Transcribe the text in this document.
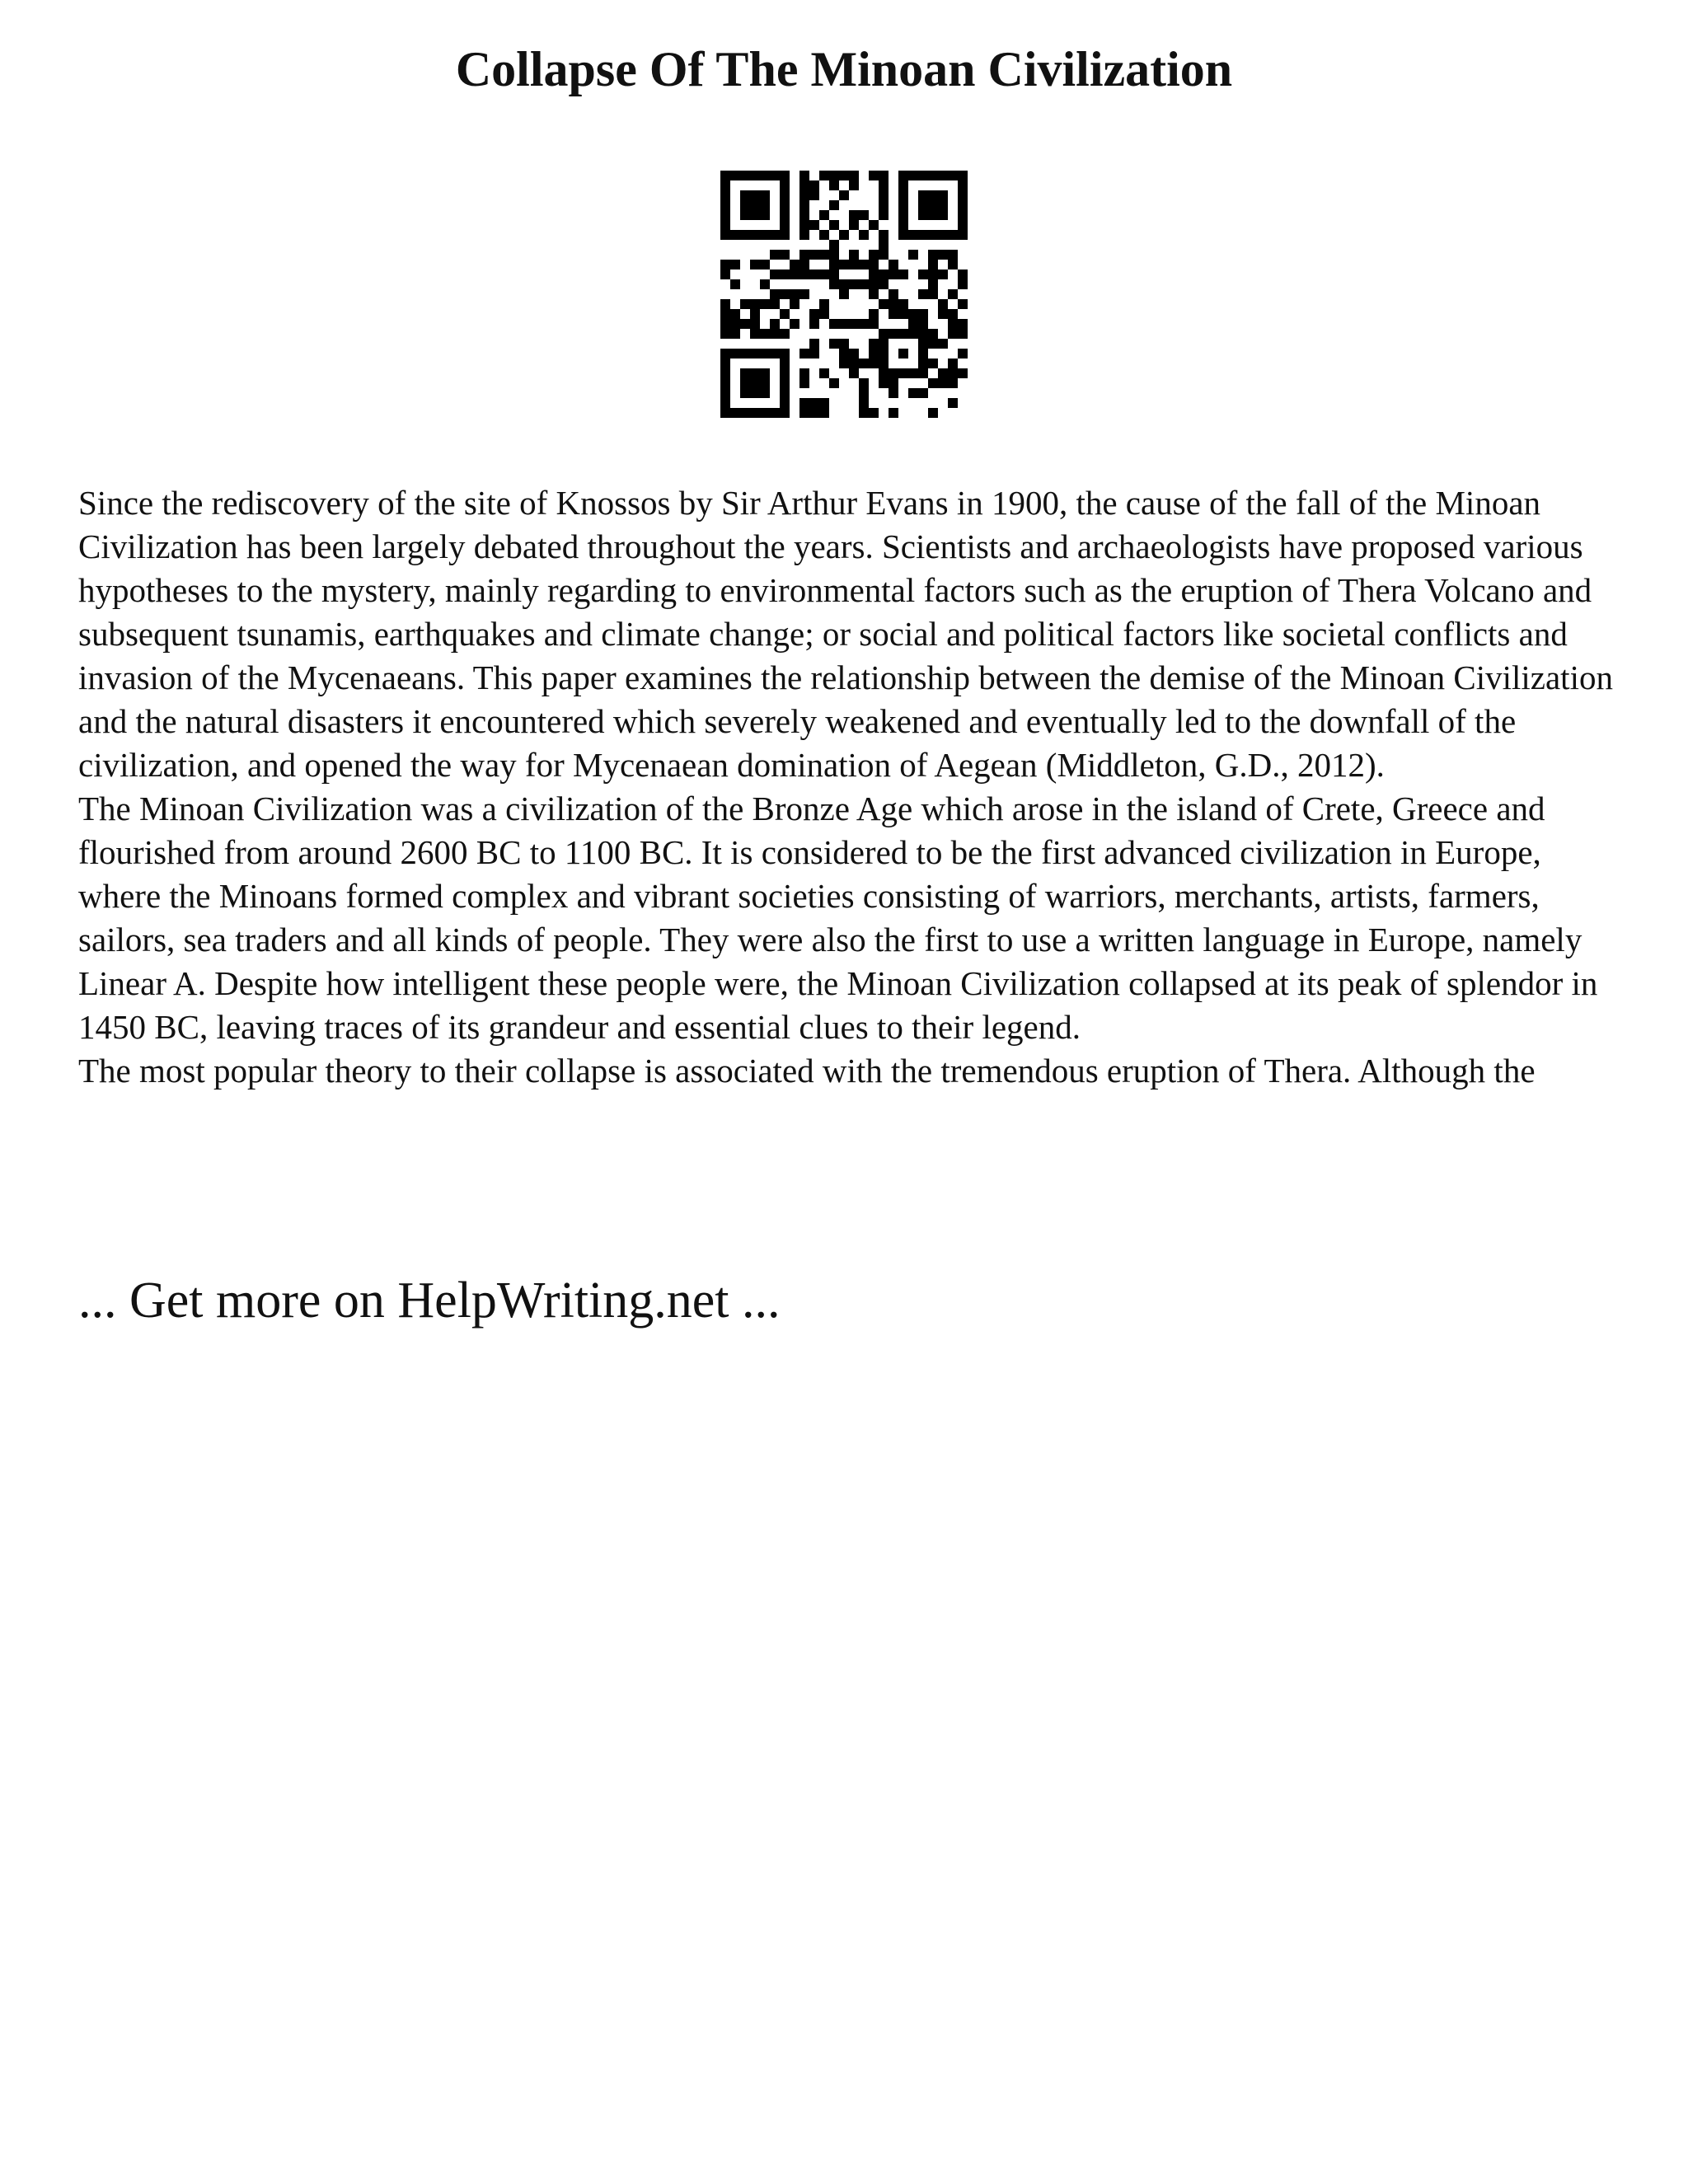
Collapse Of The Minoan Civilization

Since the rediscovery of the site of Knossos by Sir Arthur Evans in 1900, the cause of the fall of the Minoan Civilization has been largely debated throughout the years. Scientists and archaeologists have proposed various hypotheses to the mystery, mainly regarding to environmental factors such as the eruption of Thera Volcano and subsequent tsunamis, earthquakes and climate change; or social and political factors like societal conflicts and invasion of the Mycenaeans. This paper examines the relationship between the demise of the Minoan Civilization and the natural disasters it encountered which severely weakened and eventually led to the downfall of the civilization, and opened the way for Mycenaean domination of Aegean (Middleton, G.D., 2012).

The Minoan Civilization was a civilization of the Bronze Age which arose in the island of Crete, Greece and flourished from around 2600 BC to 1100 BC. It is considered to be the first advanced civilization in Europe, where the Minoans formed complex and vibrant societies consisting of warriors, merchants, artists, farmers, sailors, sea traders and all kinds of people. They were also the first to use a written language in Europe, namely Linear A. Despite how intelligent these people were, the Minoan Civilization collapsed at its peak of splendor in 1450 BC, leaving traces of its grandeur and essential clues to their legend.

The most popular theory to their collapse is associated with the tremendous eruption of Thera. Although the

... Get more on HelpWriting.net ...
